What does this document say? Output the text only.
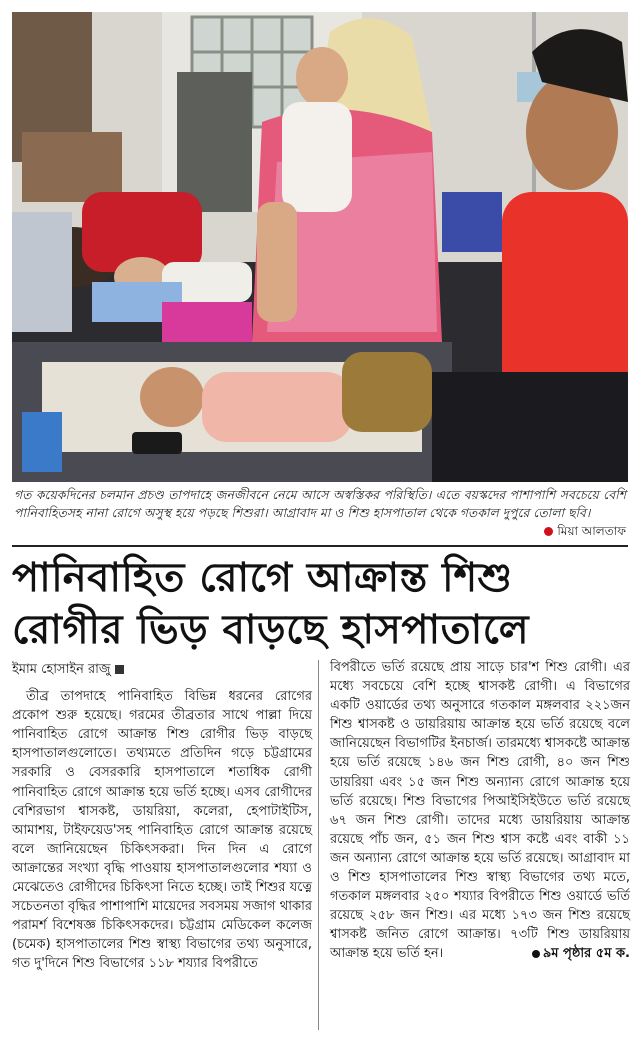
গত কয়েকদিনের চলমান প্রচণ্ড তাপদাহে জনজীবনে নেমে আসে অস্বস্তিকর পরিস্থিতি। এতে বয়স্কদের পাশাপাশি সবচেয়ে বেশি পানিবাহিতসহ নানা রোগে অসুস্থ হয়ে পড়ছে শিশুরা। আগ্রাবাদ মা ও শিশু হাসপাতাল থেকে গতকাল দুপুরে তোলা ছবি।
মিয়া আলতাফ
পানিবাহিত রোগে আক্রান্ত শিশু
রোগীর ভিড় বাড়ছে হাসপাতালে
ইমাম হোসাইন রাজু

তীব্র তাপদাহে পানিবাহিত বিভিন্ন ধরনের রোগের প্রকোপ শুরু হয়েছে। গরমের তীব্রতার সাথে পাল্লা দিয়ে পানিবাহিত রোগে আক্রান্ত শিশু রোগীর ভিড় বাড়ছে হাসপাতালগুলোতে। তথ্যমতে প্রতিদিন গড়ে চট্টগ্রামের সরকারি ও বেসরকারি হাসপাতালে শতাধিক রোগী পানিবাহিত রোগে আক্রান্ত হয়ে ভর্তি হচ্ছে। এসব রোগীদের বেশিরভাগ শ্বাসকষ্ট, ডায়রিয়া, কলেরা, হেপাটাইটিস, আমাশয়, টাইফয়েড'সহ পানিবাহিত রোগে আক্রান্ত রয়েছে বলে জানিয়েছেন চিকিৎসকরা। দিন দিন এ রোগে আক্রান্তের সংখ্যা বৃদ্ধি পাওয়ায় হাসপাতালগুলোর শয্যা ও মেঝেতেও রোগীদের চিকিৎসা নিতে হচ্ছে। তাই শিশুর যত্নে সচেতনতা বৃদ্ধির পাশাপাশি মায়েদের সবসময় সজাগ থাকার পরামর্শ বিশেষজ্ঞ চিকিৎসকদের। চট্টগ্রাম মেডিকেল কলেজ (চমেক) হাসপাতালের শিশু স্বাস্থ্য বিভাগের তথ্য অনুসারে, গত দু'দিনে শিশু বিভাগের ১১৮ শয্যার বিপরীতে

বিপরীতে ভর্তি রয়েছে প্রায় সাড়ে চার'শ শিশু রোগী। এর মধ্যে সবচেয়ে বেশি হচ্ছে শ্বাসকষ্ট রোগী। এ বিভাগের একটি ওয়ার্ডের তথ্য অনুসারে গতকাল মঙ্গলবার ২২১জন শিশু শ্বাসকষ্ট ও ডায়রিয়ায় আক্রান্ত হয়ে ভর্তি রয়েছে বলে জানিয়েছেন বিভাগটির ইনচার্জ। তারমধ্যে শ্বাসকষ্টে আক্রান্ত হয়ে ভর্তি রয়েছে ১৪৬ জন শিশু রোগী, ৪০ জন শিশু ডায়রিয়া এবং ১৫ জন শিশু অন্যান্য রোগে আক্রান্ত হয়ে ভর্তি রয়েছে। শিশু বিভাগের পিআইসিইউতে ভর্তি রয়েছে ৬৭ জন শিশু রোগী। তাদের মধ্যে ডায়রিয়ায় আক্রান্ত রয়েছে পাঁচ জন, ৫১ জন শিশু শ্বাস কষ্টে এবং বাকী ১১ জন অন্যান্য রোগে আক্রান্ত হয়ে ভর্তি রয়েছে। আগ্রাবাদ মা ও শিশু হাসপাতালের শিশু স্বাস্থ্য বিভাগের তথ্য মতে, গতকাল মঙ্গলবার ২৫০ শয্যার বিপরীতে শিশু ওয়ার্ডে ভর্তি রয়েছে ২৫৮ জন শিশু। এর মধ্যে ১৭৩ জন শিশু রয়েছে শ্বাসকষ্ট জনিত রোগে আক্রান্ত। ৭৩টি শিশু ডায়রিয়ায় আক্রান্ত হয়ে ভর্তি হন।	৯ম পৃষ্ঠার ৫ম ক.
